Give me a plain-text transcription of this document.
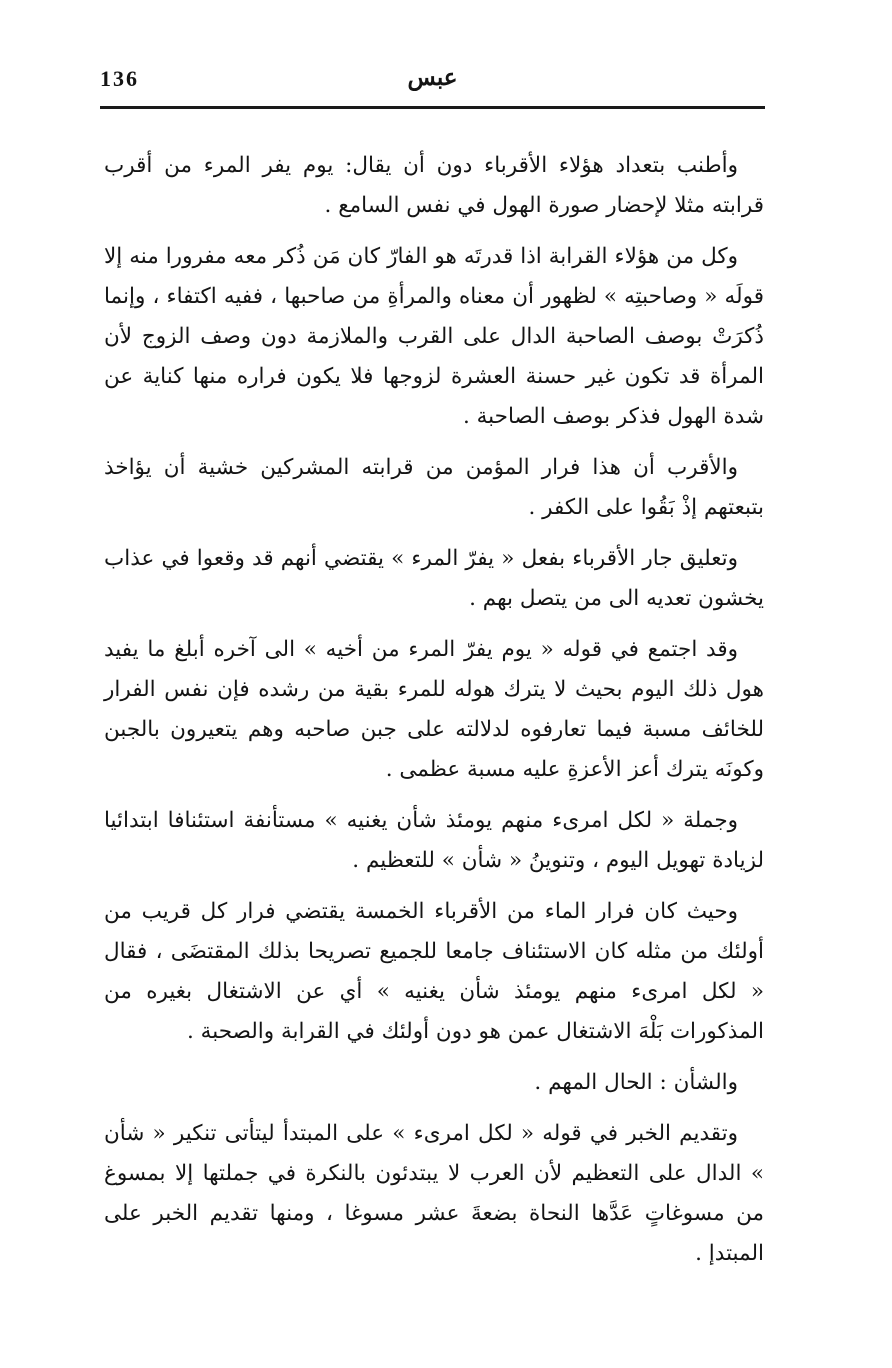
136	عبس

وأطنب بتعداد هؤلاء الأقرباء دون أن يقال: يوم يفر المرء من أقرب قرابته مثلا لإحضار صورة الهول في نفس السامع .

وكل من هؤلاء القرابة اذا قدرتَه هو الفارّ كان مَن ذُكر معه مفرورا منه إلا قولَه « وصاحبتِه » لظهور أن معناه والمرأةِ من صاحبها ، ففيه اكتفاء ، وإنما ذُكرَتْ بوصف الصاحبة الدال على القرب والملازمة دون وصف الزوج لأن المرأة قد تكون غير حسنة العشرة لزوجها فلا يكون فراره منها كناية عن شدة الهول فذكر بوصف الصاحبة .

والأقرب أن هذا فرار المؤمن من قرابته المشركين خشية أن يؤاخذ بتبعتهم إذْ بَقُوا على الكفر .

وتعليق جار الأقرباء بفعل « يفرّ المرء » يقتضي أنهم قد وقعوا في عذاب يخشون تعديه الى من يتصل بهم .

وقد اجتمع في قوله « يوم يفرّ المرء من أخيه » الى آخره أبلغ ما يفيد هول ذلك اليوم بحيث لا يترك هوله للمرء بقية من رشده فإن نفس الفرار للخائف مسبة فيما تعارفوه لدلالته على جبن صاحبه وهم يتعيرون بالجبن وكونَه يترك أعز الأعزةِ عليه مسبة عظمى .

وجملة « لكل امرىء منهم يومئذ شأن يغنيه » مستأنفة استئنافا ابتدائيا لزيادة تهويل اليوم ، وتنوينُ « شأن » للتعظيم .

وحيث كان فرار الماء من الأقرباء الخمسة يقتضي فرار كل قريب من أولئك من مثله كان الاستئناف جامعا للجميع تصريحا بذلك المقتضَى ، فقال « لكل امرىء منهم يومئذ شأن يغنيه » أي عن الاشتغال بغيره من المذكورات بَلْهَ الاشتغال عمن هو دون أولئك في القرابة والصحبة .

والشأن : الحال المهم .

وتقديم الخبر في قوله « لكل امرىء » على المبتدأ ليتأتى تنكير « شأن » الدال على التعظيم لأن العرب لا يبتدئون بالنكرة في جملتها إلا بمسوغ من مسوغاتٍ عَدَّها النحاة بضعةَ عشر مسوغا ، ومنها تقديم الخبر على المبتدإ .
